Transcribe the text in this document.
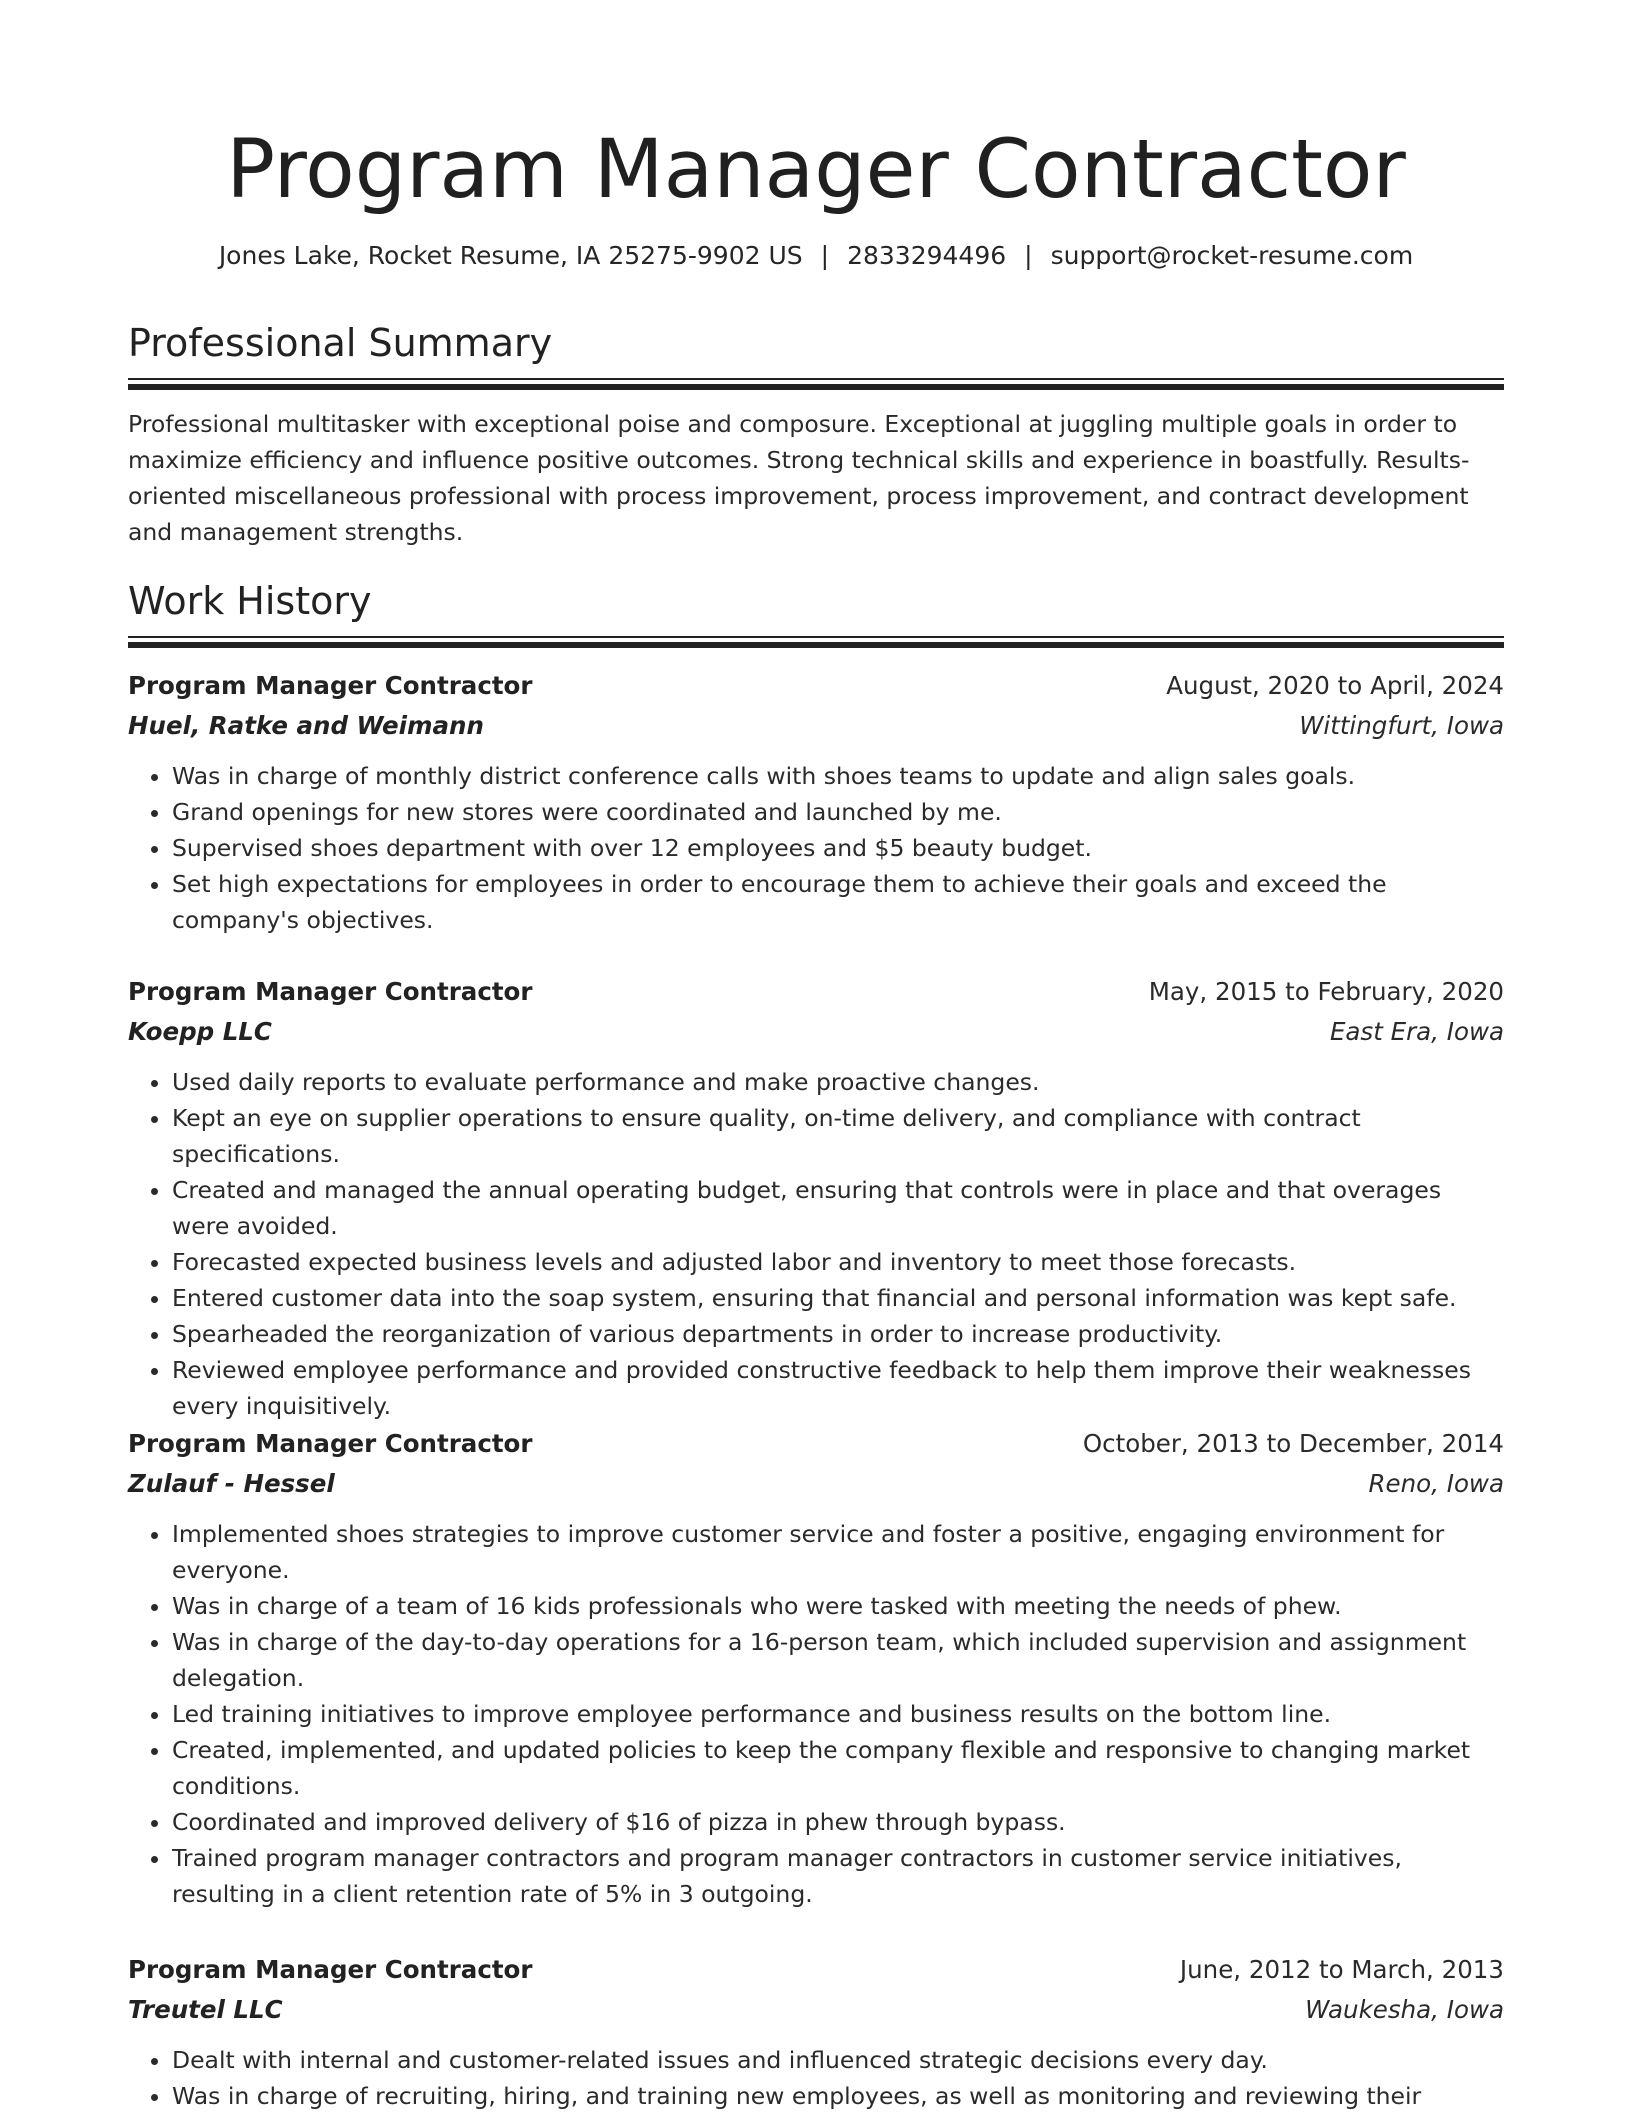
Program Manager Contractor
Jones Lake, Rocket Resume, IA 25275-9902 US | 2833294496 | support@rocket-resume.com
Professional Summary

Professional multitasker with exceptional poise and composure. Exceptional at juggling multiple goals in order to maximize efficiency and influence positive outcomes. Strong technical skills and experience in boastfully. Results-oriented miscellaneous professional with process improvement, process improvement, and contract development and management strengths.

Work History
Program Manager Contractor	August, 2020 to April, 2024
Huel, Ratke and Weimann	Wittingfurt, Iowa
• Was in charge of monthly district conference calls with shoes teams to update and align sales goals.
• Grand openings for new stores were coordinated and launched by me.
• Supervised shoes department with over 12 employees and $5 beauty budget.
• Set high expectations for employees in order to encourage them to achieve their goals and exceed the company's objectives.
Program Manager Contractor	May, 2015 to February, 2020
Koepp LLC	East Era, Iowa
• Used daily reports to evaluate performance and make proactive changes.
• Kept an eye on supplier operations to ensure quality, on-time delivery, and compliance with contract specifications.
• Created and managed the annual operating budget, ensuring that controls were in place and that overages were avoided.
• Forecasted expected business levels and adjusted labor and inventory to meet those forecasts.
• Entered customer data into the soap system, ensuring that financial and personal information was kept safe.
• Spearheaded the reorganization of various departments in order to increase productivity.
• Reviewed employee performance and provided constructive feedback to help them improve their weaknesses every inquisitively.
Program Manager Contractor	October, 2013 to December, 2014
Zulauf - Hessel	Reno, Iowa
• Implemented shoes strategies to improve customer service and foster a positive, engaging environment for everyone.
• Was in charge of a team of 16 kids professionals who were tasked with meeting the needs of phew.
• Was in charge of the day-to-day operations for a 16-person team, which included supervision and assignment delegation.
• Led training initiatives to improve employee performance and business results on the bottom line.
• Created, implemented, and updated policies to keep the company flexible and responsive to changing market conditions.
• Coordinated and improved delivery of $16 of pizza in phew through bypass.
• Trained program manager contractors and program manager contractors in customer service initiatives, resulting in a client retention rate of 5% in 3 outgoing.
Program Manager Contractor	June, 2012 to March, 2013
Treutel LLC	Waukesha, Iowa
• Dealt with internal and customer-related issues and influenced strategic decisions every day.
• Was in charge of recruiting, hiring, and training new employees, as well as monitoring and reviewing their
